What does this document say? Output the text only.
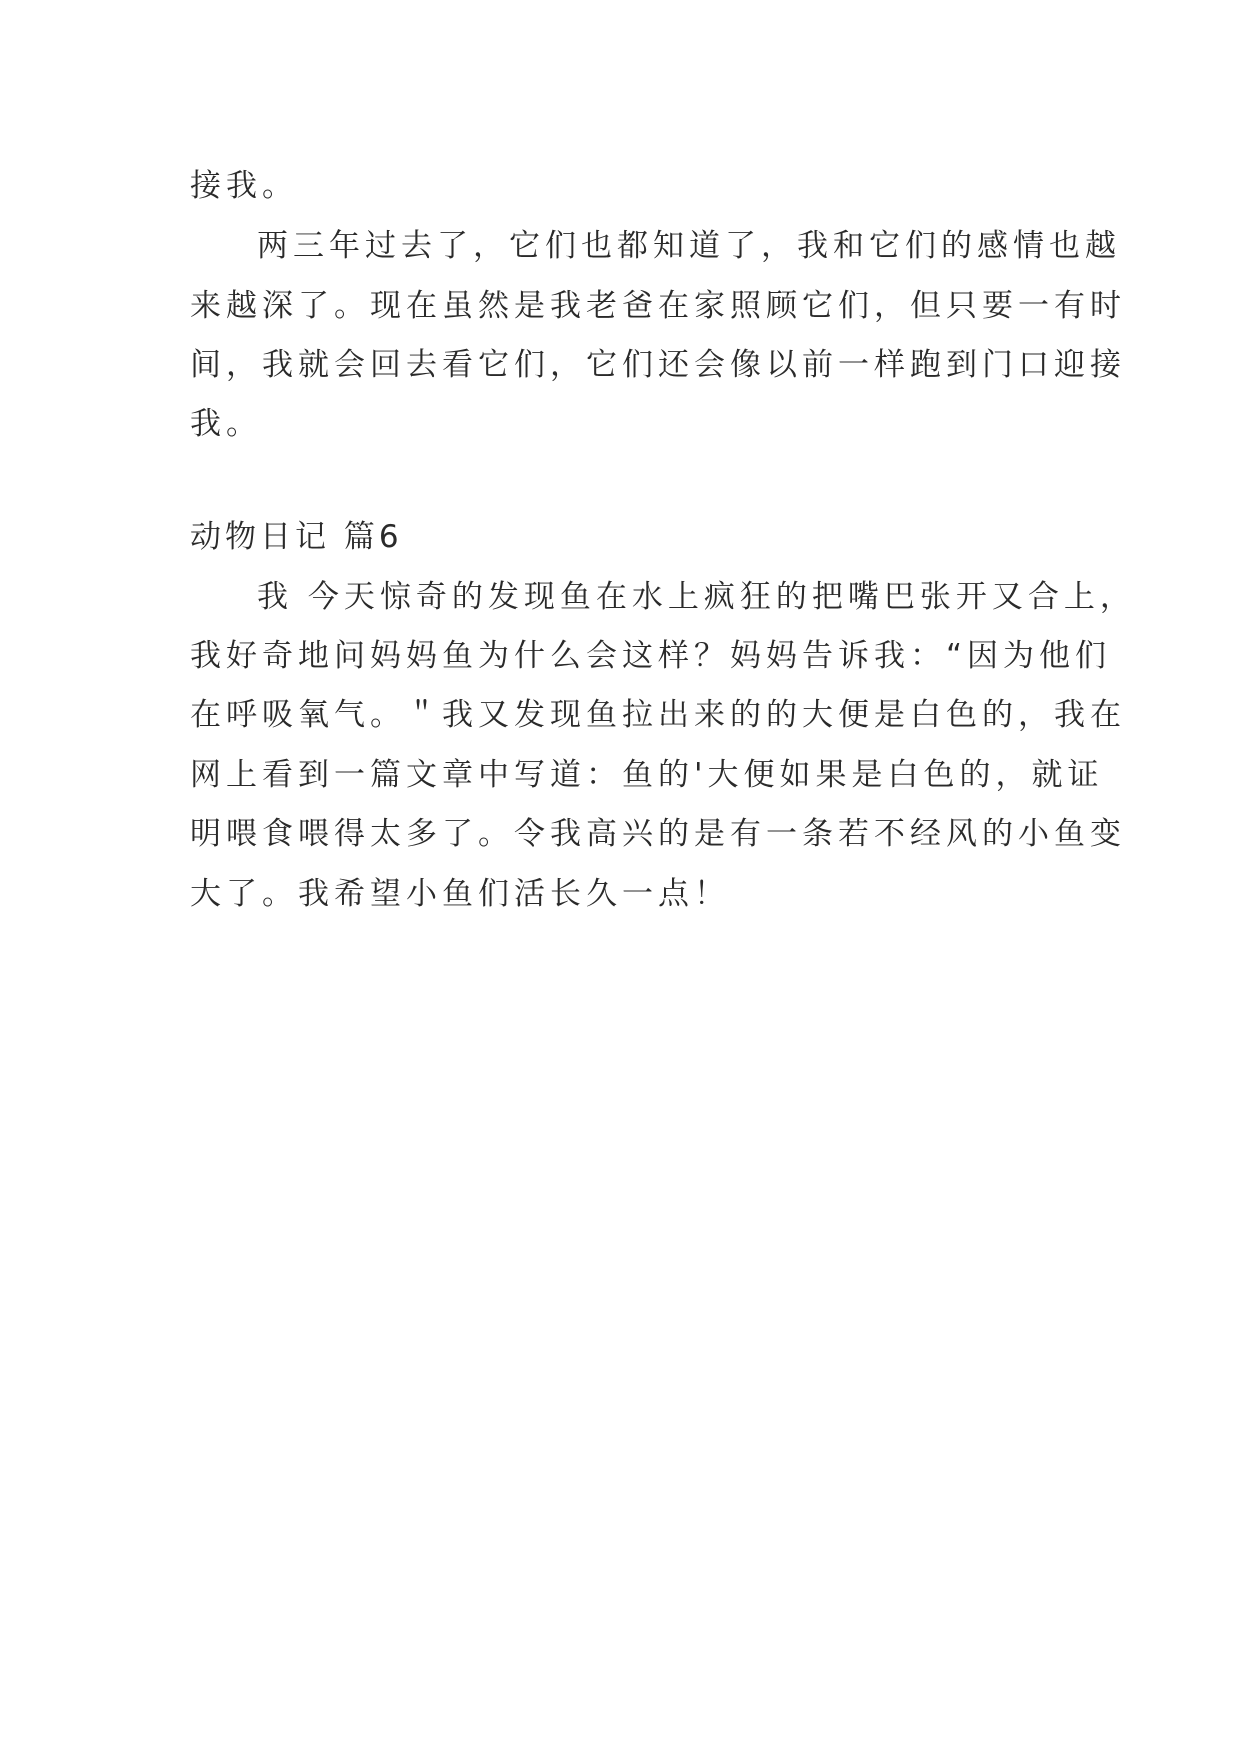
接我。
两三年过去了，它们也都知道了，我和它们的感情也越
来越深了。现在虽然是我老爸在家照顾它们，但只要一有时
间，我就会回去看它们，它们还会像以前一样跑到门口迎接
我。
动物日记 篇6
我 今天惊奇的发现鱼在水上疯狂的把嘴巴张开又合上，
我好奇地问妈妈鱼为什么会这样？妈妈告诉我：“因为他们
在呼吸氧气。＂我又发现鱼拉出来的的大便是白色的，我在
网上看到一篇文章中写道：鱼的'大便如果是白色的，就证
明喂食喂得太多了。令我高兴的是有一条若不经风的小鱼变
大了。我希望小鱼们活长久一点！
